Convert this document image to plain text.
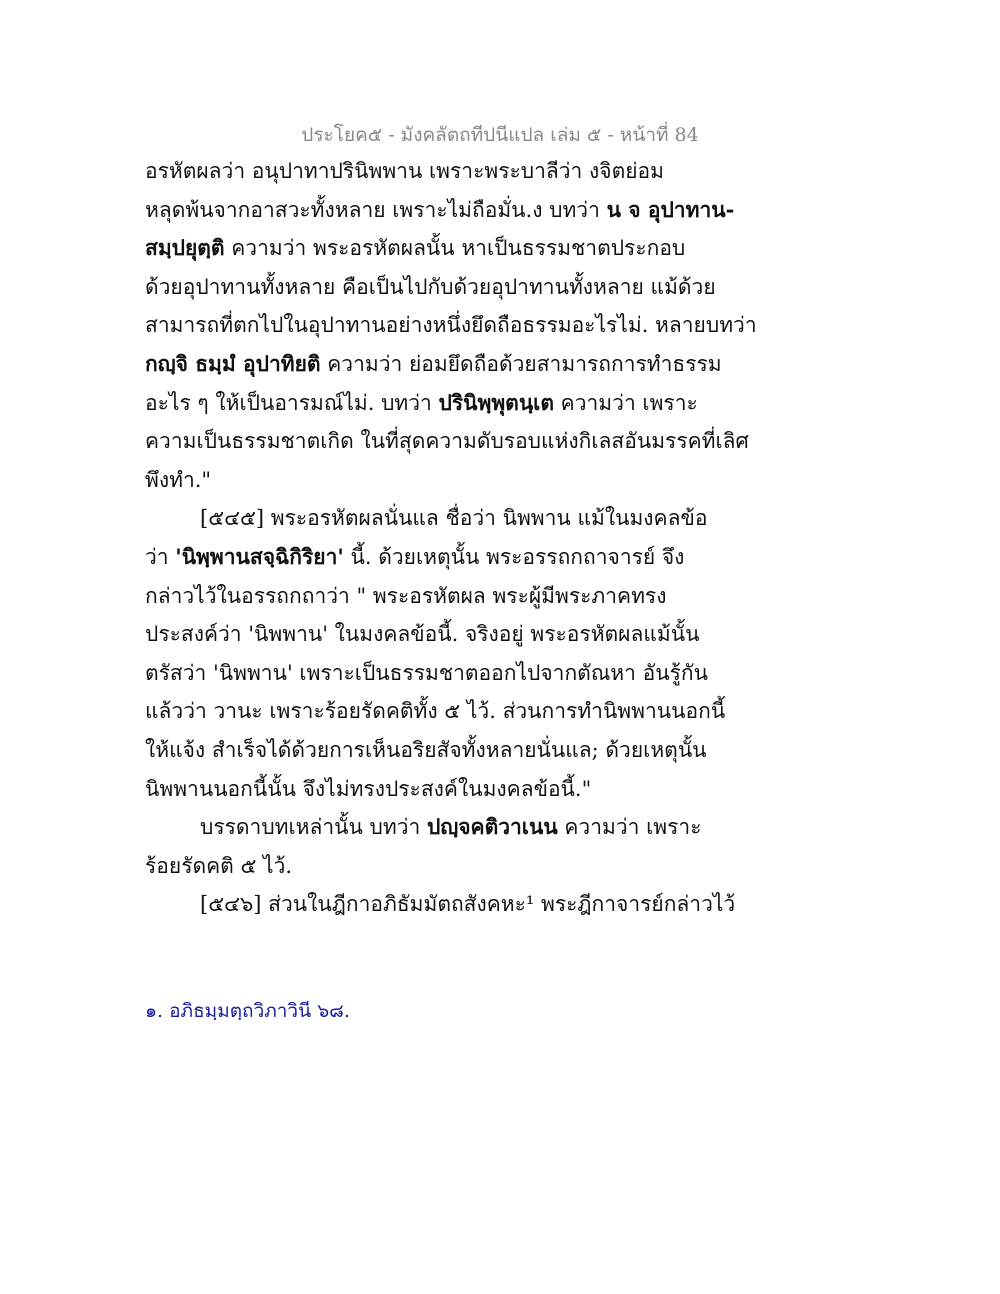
ประโยค๕ - มังคลัตถทีปนีแปล เล่ม ๕ - หน้าที่ 84
อรหัตผลว่า อนุปาทาปรินิพพาน เพราะพระบาลีว่า งจิตย่อม
หลุดพ้นจากอาสวะทั้งหลาย เพราะไม่ถือมั่น.ง บทว่า น จ อุปาทาน-
สมฺปยุตฺติ ความว่า พระอรหัตผลนั้น หาเป็นธรรมชาตประกอบ
ด้วยอุปาทานทั้งหลาย คือเป็นไปกับด้วยอุปาทานทั้งหลาย แม้ด้วย
สามารถที่ตกไปในอุปาทานอย่างหนึ่งยึดถือธรรมอะไรไม่. หลายบทว่า
กญฺจิ ธมฺมํ อุปาทิยติ ความว่า ย่อมยึดถือด้วยสามารถการทำธรรม
อะไร ๆ ให้เป็นอารมณ์ไม่. บทว่า ปรินิพฺพุตนฺเต ความว่า เพราะ
ความเป็นธรรมชาตเกิด ในที่สุดความดับรอบแห่งกิเลสอันมรรคที่เลิศ
พึงทำ."
[๕๔๕] พระอรหัตผลนั่นแล ชื่อว่า นิพพาน แม้ในมงคลข้อ
ว่า 'นิพฺพานสจฺฉิกิริยา' นี้. ด้วยเหตุนั้น พระอรรถกถาจารย์ จึง
กล่าวไว้ในอรรถกถาว่า " พระอรหัตผล พระผู้มีพระภาคทรง
ประสงค์ว่า 'นิพพาน' ในมงคลข้อนี้. จริงอยู่ พระอรหัตผลแม้นั้น
ตรัสว่า 'นิพพาน' เพราะเป็นธรรมชาตออกไปจากตัณหา อันรู้กัน
แล้วว่า วานะ เพราะร้อยรัดคติทั้ง ๕ ไว้. ส่วนการทำนิพพานนอกนี้
ให้แจ้ง สำเร็จได้ด้วยการเห็นอริยสัจทั้งหลายนั่นแล; ด้วยเหตุนั้น
นิพพานนอกนี้นั้น จึงไม่ทรงประสงค์ในมงคลข้อนี้."
บรรดาบทเหล่านั้น บทว่า ปญฺจคติวาเนน ความว่า เพราะ
ร้อยรัดคติ ๕ ไว้.
[๕๔๖] ส่วนในฎีกาอภิธัมมัตถสังคหะ¹ พระฎีกาจารย์กล่าวไว้
๑. อภิธมฺมตฺถวิภาวินี ๖๘.
